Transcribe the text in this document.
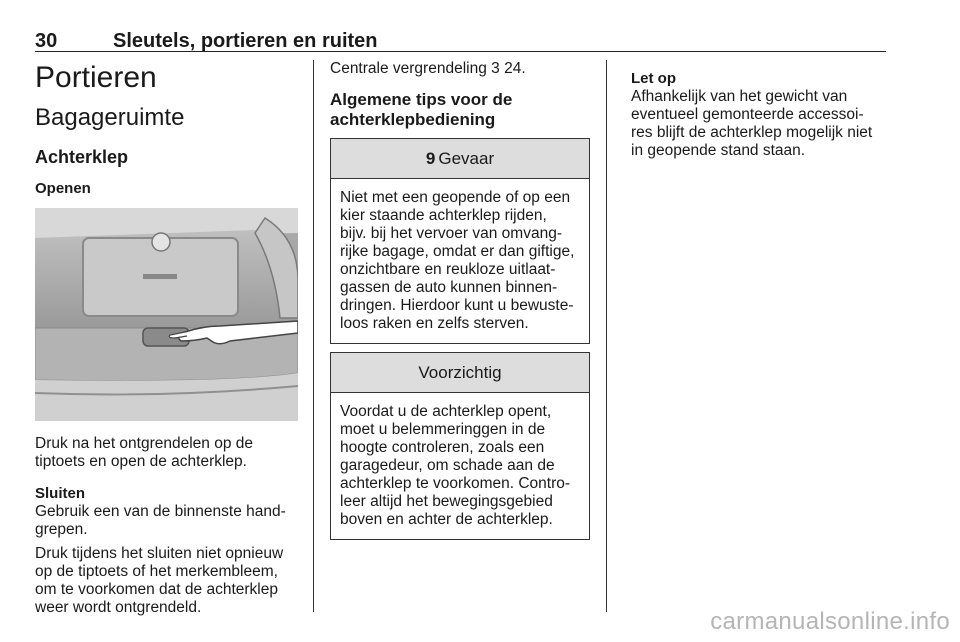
30	Sleutels, portieren en ruiten
Portieren
Bagageruimte
Achterklep
Openen
Druk na het ontgrendelen op de
tiptoets en open de achterklep.
Sluiten
Gebruik een van de binnenste hand-
grepen.
Druk tijdens het sluiten niet opnieuw
op de tiptoets of het merkembleem,
om te voorkomen dat de achterklep
weer wordt ontgrendeld.
Centrale vergrendeling 3 24.
Algemene tips voor de
achterklepbediening
9 Gevaar
Niet met een geopende of op een
kier staande achterklep rijden,
bijv. bij het vervoer van omvang-
rijke bagage, omdat er dan giftige,
onzichtbare en reukloze uitlaat-
gassen de auto kunnen binnen-
dringen. Hierdoor kunt u bewuste-
loos raken en zelfs sterven.
Voorzichtig
Voordat u de achterklep opent,
moet u belemmeringgen in de
hoogte controleren, zoals een
garagedeur, om schade aan de
achterklep te voorkomen. Contro-
leer altijd het bewegingsgebied
boven en achter de achterklep.
Let op
Afhankelijk van het gewicht van
eventueel gemonteerde accessoi-
res blijft de achterklep mogelijk niet
in geopende stand staan.
carmanualsonline.info
